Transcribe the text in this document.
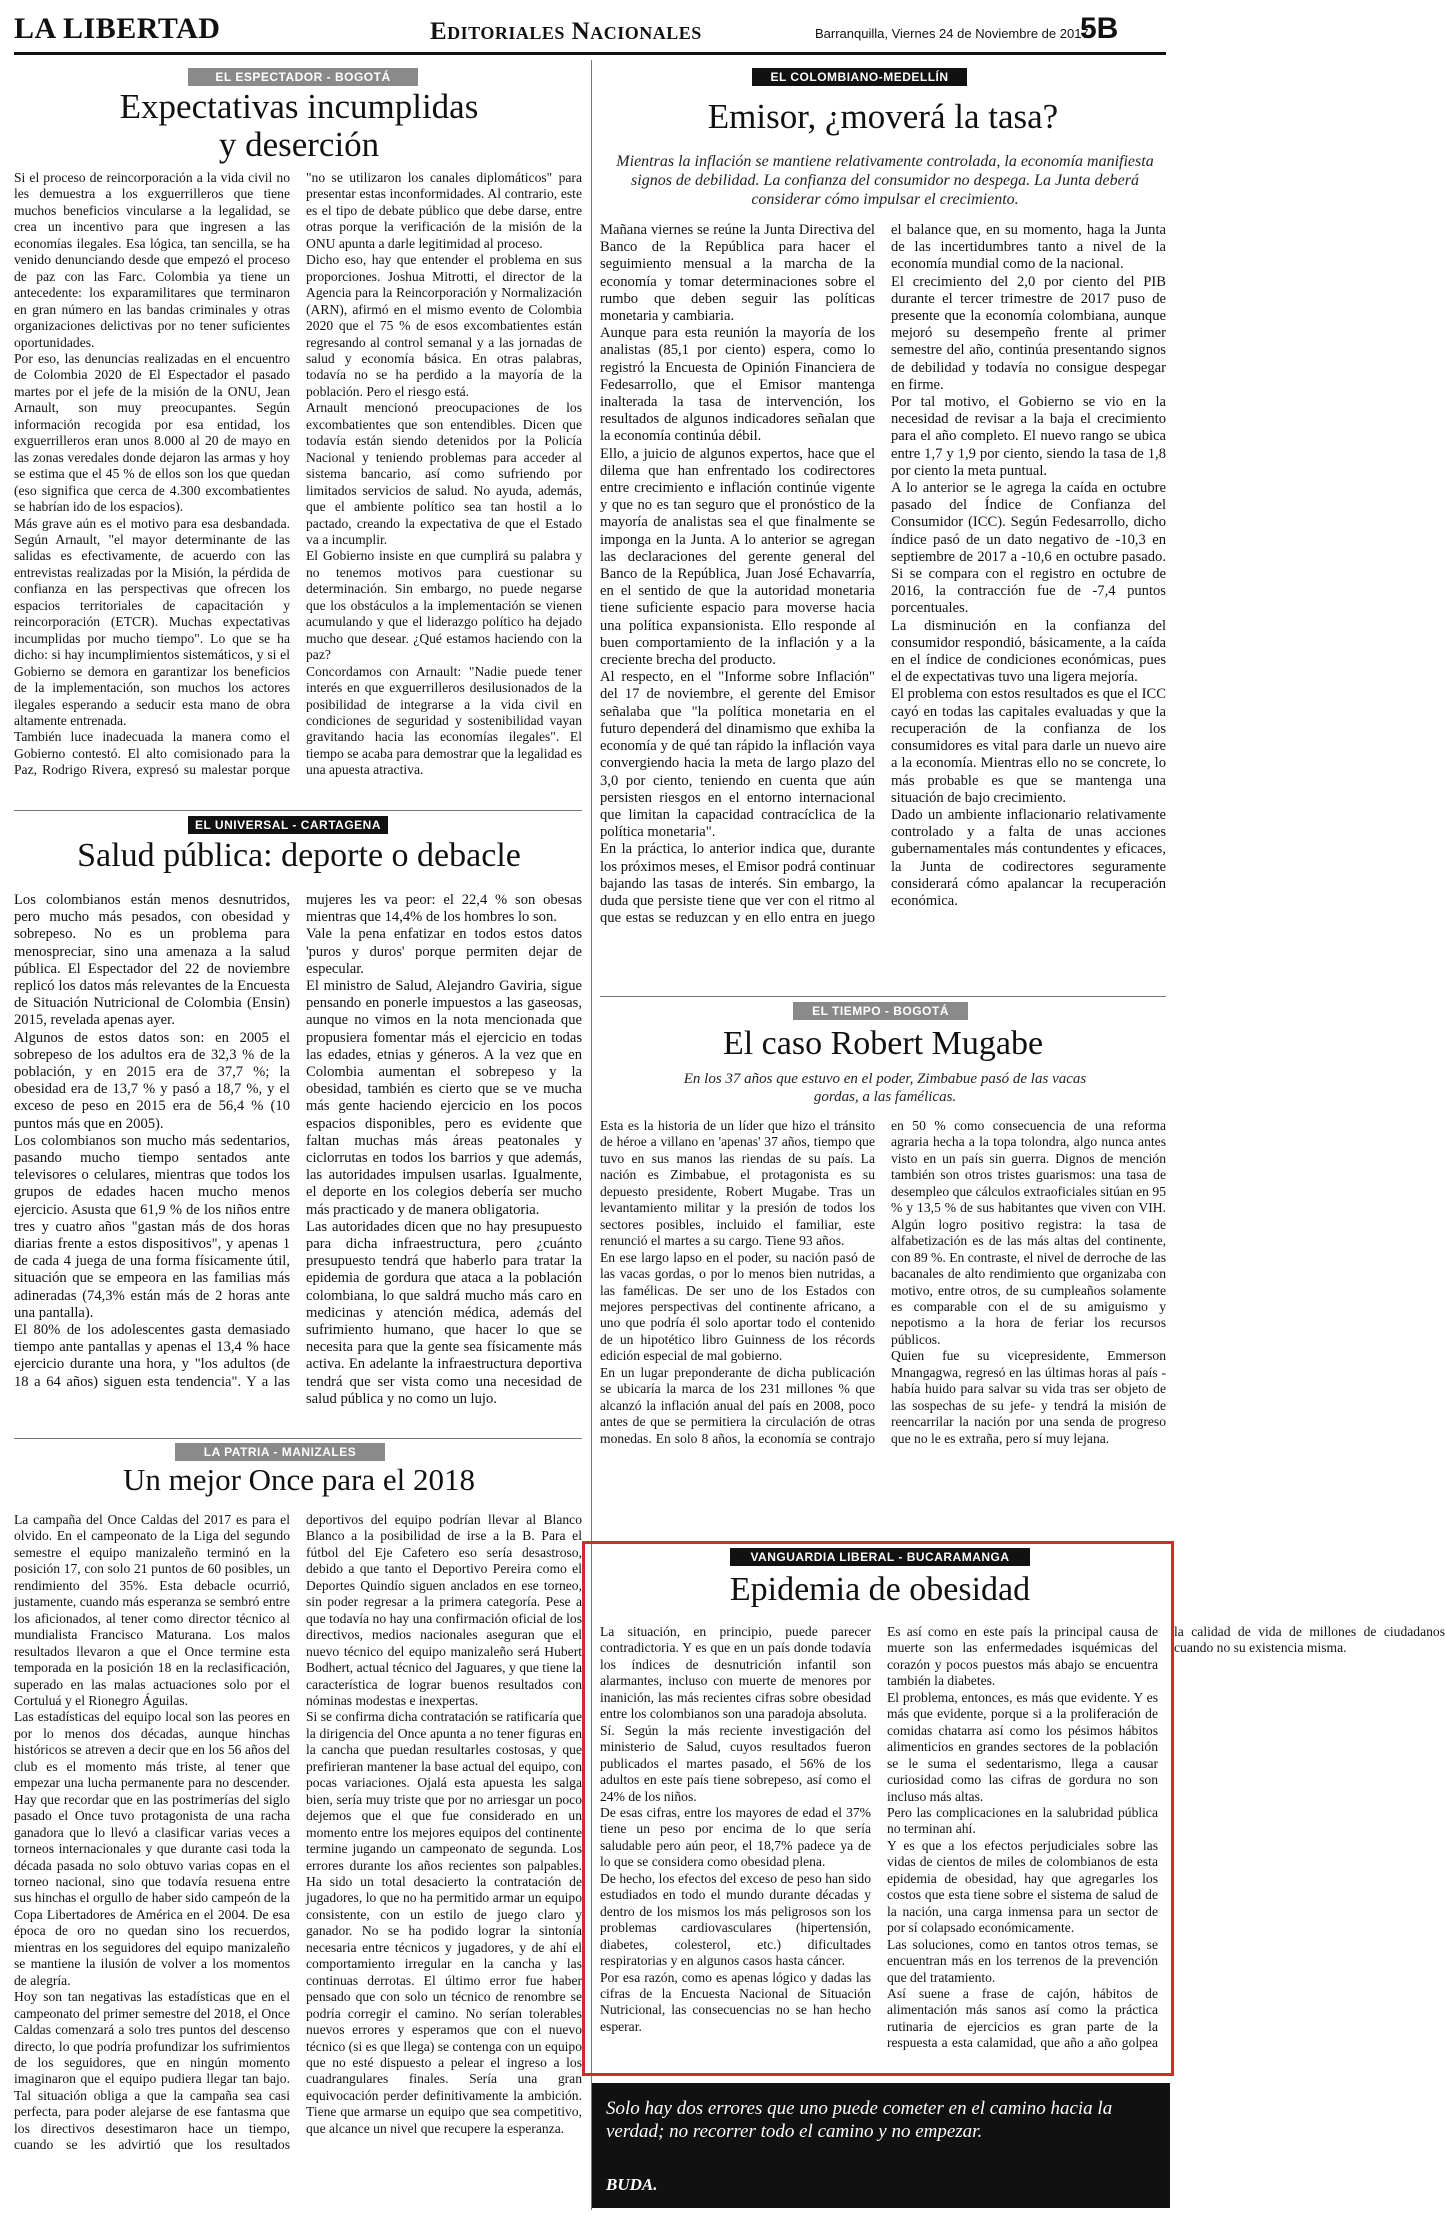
LA LIBERTAD	Editoriales Nacionales	Barranquilla, Viernes 24 de Noviembre de 2017
5B
EL ESPECTADOR - BOGOTÁ
Expectativas incumplidas
y deserción

Si el proceso de reincorporación a la vida civil no les demuestra a los exguerrilleros que tiene muchos beneficios vincularse a la legalidad, se crea un incentivo para que ingresen a las economías ilegales. Esa lógica, tan sencilla, se ha venido denunciando desde que empezó el proceso de paz con las Farc. Colombia ya tiene un antecedente: los exparamilitares que terminaron en gran número en las bandas criminales y otras organizaciones delictivas por no tener suficientes oportunidades.

Por eso, las denuncias realizadas en el encuentro de Colombia 2020 de El Espectador el pasado martes por el jefe de la misión de la ONU, Jean Arnault, son muy preocupantes. Según información recogida por esa entidad, los exguerrilleros eran unos 8.000 al 20 de mayo en las zonas veredales donde dejaron las armas y hoy se estima que el 45 % de ellos son los que quedan (eso significa que cerca de 4.300 excombatientes se habrían ido de los espacios).

Más grave aún es el motivo para esa desbandada. Según Arnault, "el mayor determinante de las salidas es efectivamente, de acuerdo con las entrevistas realizadas por la Misión, la pérdida de confianza en las perspectivas que ofrecen los espacios territoriales de capacitación y reincorporación (ETCR). Muchas expectativas incumplidas por mucho tiempo". Lo que se ha dicho: si hay incumplimientos sistemáticos, y si el Gobierno se demora en garantizar los beneficios de la implementación, son muchos los actores ilegales esperando a seducir esta mano de obra altamente entrenada.

También luce inadecuada la manera como el Gobierno contestó. El alto comisionado para la Paz, Rodrigo Rivera, expresó su malestar porque "no se utilizaron los canales diplomáticos" para presentar estas inconformidades. Al contrario, este es el tipo de debate público que debe darse, entre otras porque la verificación de la misión de la ONU apunta a darle legitimidad al proceso.

Dicho eso, hay que entender el problema en sus proporciones. Joshua Mitrotti, el director de la Agencia para la Reincorporación y Normalización (ARN), afirmó en el mismo evento de Colombia 2020 que el 75 % de esos excombatientes están regresando al control semanal y a las jornadas de salud y economía básica. En otras palabras, todavía no se ha perdido a la mayoría de la población. Pero el riesgo está.

Arnault mencionó preocupaciones de los excombatientes que son entendibles. Dicen que todavía están siendo detenidos por la Policía Nacional y teniendo problemas para acceder al sistema bancario, así como sufriendo por limitados servicios de salud. No ayuda, además, que el ambiente político sea tan hostil a lo pactado, creando la expectativa de que el Estado va a incumplir.

El Gobierno insiste en que cumplirá su palabra y no tenemos motivos para cuestionar su determinación. Sin embargo, no puede negarse que los obstáculos a la implementación se vienen acumulando y que el liderazgo político ha dejado mucho que desear. ¿Qué estamos haciendo con la paz?

Concordamos con Arnault: "Nadie puede tener interés en que exguerrilleros desilusionados de la posibilidad de integrarse a la vida civil en condiciones de seguridad y sostenibilidad vayan gravitando hacia las economías ilegales". El tiempo se acaba para demostrar que la legalidad es una apuesta atractiva.

EL UNIVERSAL - CARTAGENA
Salud pública: deporte o debacle

Los colombianos están menos desnutridos, pero mucho más pesados, con obesidad y sobrepeso. No es un problema para menospreciar, sino una amenaza a la salud pública. El Espectador del 22 de noviembre replicó los datos más relevantes de la Encuesta de Situación Nutricional de Colombia (Ensin) 2015, revelada apenas ayer.

Algunos de estos datos son: en 2005 el sobrepeso de los adultos era de 32,3 % de la población, y en 2015 era de 37,7 %; la obesidad era de 13,7 % y pasó a 18,7 %, y el exceso de peso en 2015 era de 56,4 % (10 puntos más que en 2005).

Los colombianos son mucho más sedentarios, pasando mucho tiempo sentados ante televisores o celulares, mientras que todos los grupos de edades hacen mucho menos ejercicio. Asusta que 61,9 % de los niños entre tres y cuatro años "gastan más de dos horas diarias frente a estos dispositivos", y apenas 1 de cada 4 juega de una forma físicamente útil, situación que se empeora en las familias más adineradas (74,3% están más de 2 horas ante una pantalla).

El 80% de los adolescentes gasta demasiado tiempo ante pantallas y apenas el 13,4 % hace ejercicio durante una hora, y "los adultos (de 18 a 64 años) siguen esta tendencia". Y a las mujeres les va peor: el 22,4 % son obesas mientras que 14,4% de los hombres lo son.

Vale la pena enfatizar en todos estos datos 'puros y duros' porque permiten dejar de especular.

El ministro de Salud, Alejandro Gaviria, sigue pensando en ponerle impuestos a las gaseosas, aunque no vimos en la nota mencionada que propusiera fomentar más el ejercicio en todas las edades, etnias y géneros. A la vez que en Colombia aumentan el sobrepeso y la obesidad, también es cierto que se ve mucha más gente haciendo ejercicio en los pocos espacios disponibles, pero es evidente que faltan muchas más áreas peatonales y ciclorrutas en todos los barrios y que además, las autoridades impulsen usarlas. Igualmente, el deporte en los colegios debería ser mucho más practicado y de manera obligatoria.

Las autoridades dicen que no hay presupuesto para dicha infraestructura, pero ¿cuánto presupuesto tendrá que haberlo para tratar la epidemia de gordura que ataca a la población colombiana, lo que saldrá mucho más caro en medicinas y atención médica, además del sufrimiento humano, que hacer lo que se necesita para que la gente sea físicamente más activa. En adelante la infraestructura deportiva tendrá que ser vista como una necesidad de salud pública y no como un lujo.

LA PATRIA - MANIZALES
Un mejor Once para el 2018

La campaña del Once Caldas del 2017 es para el olvido. En el campeonato de la Liga del segundo semestre el equipo manizaleño terminó en la posición 17, con solo 21 puntos de 60 posibles, un rendimiento del 35%. Esta debacle ocurrió, justamente, cuando más esperanza se sembró entre los aficionados, al tener como director técnico al mundialista Francisco Maturana. Los malos resultados llevaron a que el Once termine esta temporada en la posición 18 en la reclasificación, superado en las malas actuaciones solo por el Cortuluá y el Rionegro Águilas.

Las estadísticas del equipo local son las peores en por lo menos dos décadas, aunque hinchas históricos se atreven a decir que en los 56 años del club es el momento más triste, al tener que empezar una lucha permanente para no descender. Hay que recordar que en las postrimerías del siglo pasado el Once tuvo protagonista de una racha ganadora que lo llevó a clasificar varias veces a torneos internacionales y que durante casi toda la década pasada no solo obtuvo varias copas en el torneo nacional, sino que todavía resuena entre sus hinchas el orgullo de haber sido campeón de la Copa Libertadores de América en el 2004. De esa época de oro no quedan sino los recuerdos, mientras en los seguidores del equipo manizaleño se mantiene la ilusión de volver a los momentos de alegría.

Hoy son tan negativas las estadísticas que en el campeonato del primer semestre del 2018, el Once Caldas comenzará a solo tres puntos del descenso directo, lo que podría profundizar los sufrimientos de los seguidores, que en ningún momento imaginaron que el equipo pudiera llegar tan bajo. Tal situación obliga a que la campaña sea casi perfecta, para poder alejarse de ese fantasma que los directivos desestimaron hace un tiempo, cuando se les advirtió que los resultados deportivos del equipo podrían llevar al Blanco Blanco a la posibilidad de irse a la B. Para el fútbol del Eje Cafetero eso sería desastroso, debido a que tanto el Deportivo Pereira como el Deportes Quindío siguen anclados en ese torneo, sin poder regresar a la primera categoría. Pese a que todavía no hay una confirmación oficial de los directivos, medios nacionales aseguran que el nuevo técnico del equipo manizaleño será Hubert Bodhert, actual técnico del Jaguares, y que tiene la característica de lograr buenos resultados con nóminas modestas e inexpertas.

Si se confirma dicha contratación se ratificaría que la dirigencia del Once apunta a no tener figuras en la cancha que puedan resultarles costosas, y que prefirieran mantener la base actual del equipo, con pocas variaciones. Ojalá esta apuesta les salga bien, sería muy triste que por no arriesgar un poco dejemos que el que fue considerado en un momento entre los mejores equipos del continente termine jugando un campeonato de segunda. Los errores durante los años recientes son palpables. Ha sido un total desacierto la contratación de jugadores, lo que no ha permitido armar un equipo consistente, con un estilo de juego claro y ganador. No se ha podido lograr la sintonía necesaria entre técnicos y jugadores, y de ahí el comportamiento irregular en la cancha y las continuas derrotas. El último error fue haber pensado que con solo un técnico de renombre se podría corregir el camino. No serían tolerables nuevos errores y esperamos que con el nuevo técnico (si es que llega) se contenga con un equipo que no esté dispuesto a pelear el ingreso a los cuadrangulares finales. Sería una gran equivocación perder definitivamente la ambición. Tiene que armarse un equipo que sea competitivo, que alcance un nivel que recupere la esperanza.

EL COLOMBIANO-MEDELLÍN
Emisor, ¿moverá la tasa?
Mientras la inflación se mantiene relativamente controlada, la economía manifiesta signos de debilidad. La confianza del consumidor no despega. La Junta deberá considerar cómo impulsar el crecimiento.

Mañana viernes se reúne la Junta Directiva del Banco de la República para hacer el seguimiento mensual a la marcha de la economía y tomar determinaciones sobre el rumbo que deben seguir las políticas monetaria y cambiaria.

Aunque para esta reunión la mayoría de los analistas (85,1 por ciento) espera, como lo registró la Encuesta de Opinión Financiera de Fedesarrollo, que el Emisor mantenga inalterada la tasa de intervención, los resultados de algunos indicadores señalan que la economía continúa débil.

Ello, a juicio de algunos expertos, hace que el dilema que han enfrentado los codirectores entre crecimiento e inflación continúe vigente y que no es tan seguro que el pronóstico de la mayoría de analistas sea el que finalmente se imponga en la Junta. A lo anterior se agregan las declaraciones del gerente general del Banco de la República, Juan José Echavarría, en el sentido de que la autoridad monetaria tiene suficiente espacio para moverse hacia una política expansionista. Ello responde al buen comportamiento de la inflación y a la creciente brecha del producto.

Al respecto, en el "Informe sobre Inflación" del 17 de noviembre, el gerente del Emisor señalaba que "la política monetaria en el futuro dependerá del dinamismo que exhiba la economía y de qué tan rápido la inflación vaya convergiendo hacia la meta de largo plazo del 3,0 por ciento, teniendo en cuenta que aún persisten riesgos en el entorno internacional que limitan la capacidad contracíclica de la política monetaria".

En la práctica, lo anterior indica que, durante los próximos meses, el Emisor podrá continuar bajando las tasas de interés. Sin embargo, la duda que persiste tiene que ver con el ritmo al que estas se reduzcan y en ello entra en juego el balance que, en su momento, haga la Junta de las incertidumbres tanto a nivel de la economía mundial como de la nacional.

El crecimiento del 2,0 por ciento del PIB durante el tercer trimestre de 2017 puso de presente que la economía colombiana, aunque mejoró su desempeño frente al primer semestre del año, continúa presentando signos de debilidad y todavía no consigue despegar en firme.

Por tal motivo, el Gobierno se vio en la necesidad de revisar a la baja el crecimiento para el año completo. El nuevo rango se ubica entre 1,7 y 1,9 por ciento, siendo la tasa de 1,8 por ciento la meta puntual.

A lo anterior se le agrega la caída en octubre pasado del Índice de Confianza del Consumidor (ICC). Según Fedesarrollo, dicho índice pasó de un dato negativo de -10,3 en septiembre de 2017 a -10,6 en octubre pasado. Si se compara con el registro en octubre de 2016, la contracción fue de -7,4 puntos porcentuales.

La disminución en la confianza del consumidor respondió, básicamente, a la caída en el índice de condiciones económicas, pues el de expectativas tuvo una ligera mejoría.

El problema con estos resultados es que el ICC cayó en todas las capitales evaluadas y que la recuperación de la confianza de los consumidores es vital para darle un nuevo aire a la economía. Mientras ello no se concrete, lo más probable es que se mantenga una situación de bajo crecimiento.

Dado un ambiente inflacionario relativamente controlado y a falta de unas acciones gubernamentales más contundentes y eficaces, la Junta de codirectores seguramente considerará cómo apalancar la recuperación económica.

EL TIEMPO - BOGOTÁ
El caso Robert Mugabe
En los 37 años que estuvo en el poder, Zimbabue pasó de las vacas gordas, a las famélicas.

Esta es la historia de un líder que hizo el tránsito de héroe a villano en 'apenas' 37 años, tiempo que tuvo en sus manos las riendas de su país. La nación es Zimbabue, el protagonista es su depuesto presidente, Robert Mugabe. Tras un levantamiento militar y la presión de todos los sectores posibles, incluido el familiar, este renunció el martes a su cargo. Tiene 93 años.

En ese largo lapso en el poder, su nación pasó de las vacas gordas, o por lo menos bien nutridas, a las famélicas. De ser uno de los Estados con mejores perspectivas del continente africano, a uno que podría él solo aportar todo el contenido de un hipotético libro Guinness de los récords edición especial de mal gobierno.

En un lugar preponderante de dicha publicación se ubicaría la marca de los 231 millones % que alcanzó la inflación anual del país en 2008, poco antes de que se permitiera la circulación de otras monedas. En solo 8 años, la economía se contrajo en 50 % como consecuencia de una reforma agraria hecha a la topa tolondra, algo nunca antes visto en un país sin guerra. Dignos de mención también son otros tristes guarismos: una tasa de desempleo que cálculos extraoficiales sitúan en 95 % y 13,5 % de sus habitantes que viven con VIH. Algún logro positivo registra: la tasa de alfabetización es de las más altas del continente, con 89 %. En contraste, el nivel de derroche de las bacanales de alto rendimiento que organizaba con motivo, entre otros, de su cumpleaños solamente es comparable con el de su amiguismo y nepotismo a la hora de feriar los recursos públicos.

Quien fue su vicepresidente, Emmerson Mnangagwa, regresó en las últimas horas al país -había huido para salvar su vida tras ser objeto de las sospechas de su jefe- y tendrá la misión de reencarrilar la nación por una senda de progreso que no le es extraña, pero sí muy lejana.

VANGUARDIA LIBERAL - BUCARAMANGA
Epidemia de obesidad

La situación, en principio, puede parecer contradictoria. Y es que en un país donde todavía los índices de desnutrición infantil son alarmantes, incluso con muerte de menores por inanición, las más recientes cifras sobre obesidad entre los colombianos son una paradoja absoluta.

Sí. Según la más reciente investigación del ministerio de Salud, cuyos resultados fueron publicados el martes pasado, el 56% de los adultos en este país tiene sobrepeso, así como el 24% de los niños.

De esas cifras, entre los mayores de edad el 37% tiene un peso por encima de lo que sería saludable pero aún peor, el 18,7% padece ya de lo que se considera como obesidad plena.

De hecho, los efectos del exceso de peso han sido estudiados en todo el mundo durante décadas y dentro de los mismos los más peligrosos son los problemas cardiovasculares (hipertensión, diabetes, colesterol, etc.) dificultades respiratorias y en algunos casos hasta cáncer.

Por esa razón, como es apenas lógico y dadas las cifras de la Encuesta Nacional de Situación Nutricional, las consecuencias no se han hecho esperar.

Es así como en este país la principal causa de muerte son las enfermedades isquémicas del corazón y pocos puestos más abajo se encuentra también la diabetes.

El problema, entonces, es más que evidente. Y es más que evidente, porque si a la proliferación de comidas chatarra así como los pésimos hábitos alimenticios en grandes sectores de la población se le suma el sedentarismo, llega a causar curiosidad como las cifras de gordura no son incluso más altas.

Pero las complicaciones en la salubridad pública no terminan ahí.

Y es que a los efectos perjudiciales sobre las vidas de cientos de miles de colombianos de esta epidemia de obesidad, hay que agregarles los costos que esta tiene sobre el sistema de salud de la nación, una carga inmensa para un sector de por sí colapsado económicamente.

Las soluciones, como en tantos otros temas, se encuentran más en los terrenos de la prevención que del tratamiento.

Así suene a frase de cajón, hábitos de alimentación más sanos así como la práctica rutinaria de ejercicios es gran parte de la respuesta a esta calamidad, que año a año golpea la calidad de vida de millones de ciudadanos cuando no su existencia misma.

Solo hay dos errores que uno puede cometer en el camino hacia la verdad; no recorrer todo el camino y no empezar.
BUDA.
